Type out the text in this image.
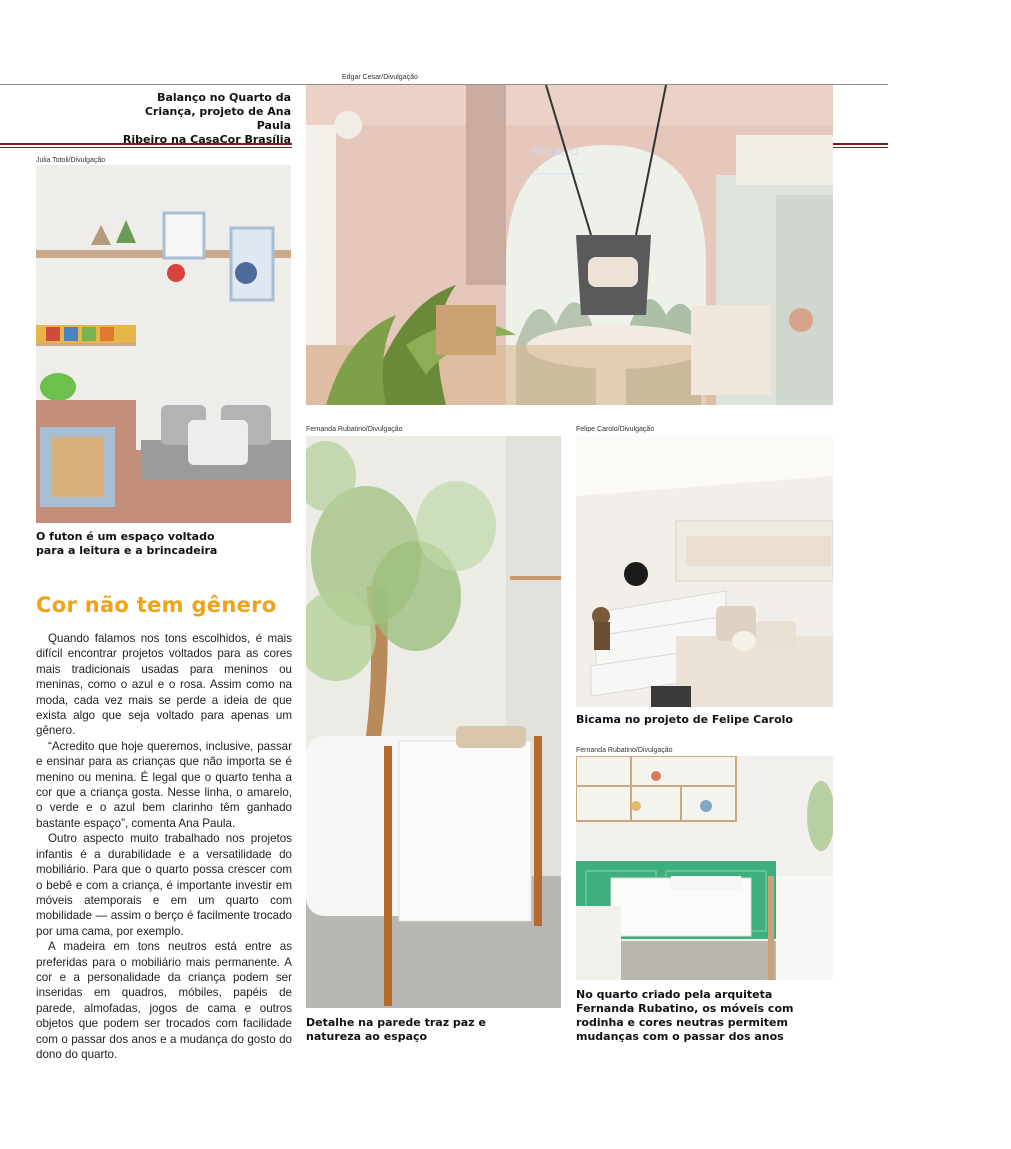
Edgar Cesar/Divulgação
Balanço no Quarto da
Criança, projeto de Ana Paula
Ribeiro na CasaCor Brasília
PROJETO
────────
Julia Totoli/Divulgação
O futon é um espaço voltado
para a leitura e a brincadeira
Cor não tem gênero

Quando falamos nos tons escolhidos, é mais difícil encontrar projetos voltados para as cores mais tradicionais usadas para meninos ou meninas, como o azul e o rosa. Assim como na moda, cada vez mais se perde a ideia de que exista algo que seja voltado para apenas um gênero.

“Acredito que hoje queremos, inclusive, passar e ensinar para as crianças que não importa se é menino ou menina. É legal que o quarto tenha a cor que a criança gosta. Nesse linha, o amarelo, o verde e o azul bem clarinho têm ganhado bastante espaço”, comenta Ana Paula.

Outro aspecto muito trabalhado nos projetos infantis é a durabilidade e a versatilidade do mobiliário. Para que o quarto possa crescer com o bebê e com a criança, é importante investir em móveis atemporais e em um quarto com mobilidade — assim o berço é facilmente trocado por uma cama, por exemplo.

A madeira em tons neutros está entre as preferidas para o mobiliário mais permanente. A cor e a personalidade da criança podem ser inseridas em quadros, móbiles, papéis de parede, almofadas, jogos de cama e outros objetos que podem ser trocados com facilidade com o passar dos anos e a mudança do gosto do dono do quarto.

Fernanda Rubatino/Divulgação
Detalhe na parede traz paz e
natureza ao espaço
Felipe Carolo/Divulgação
Bicama no projeto de Felipe Carolo
Fernanda Rubatino/Divulgação
No quarto criado pela arquiteta
Fernanda Rubatino, os móveis com
rodinha e cores neutras permitem
mudanças com o passar dos anos
